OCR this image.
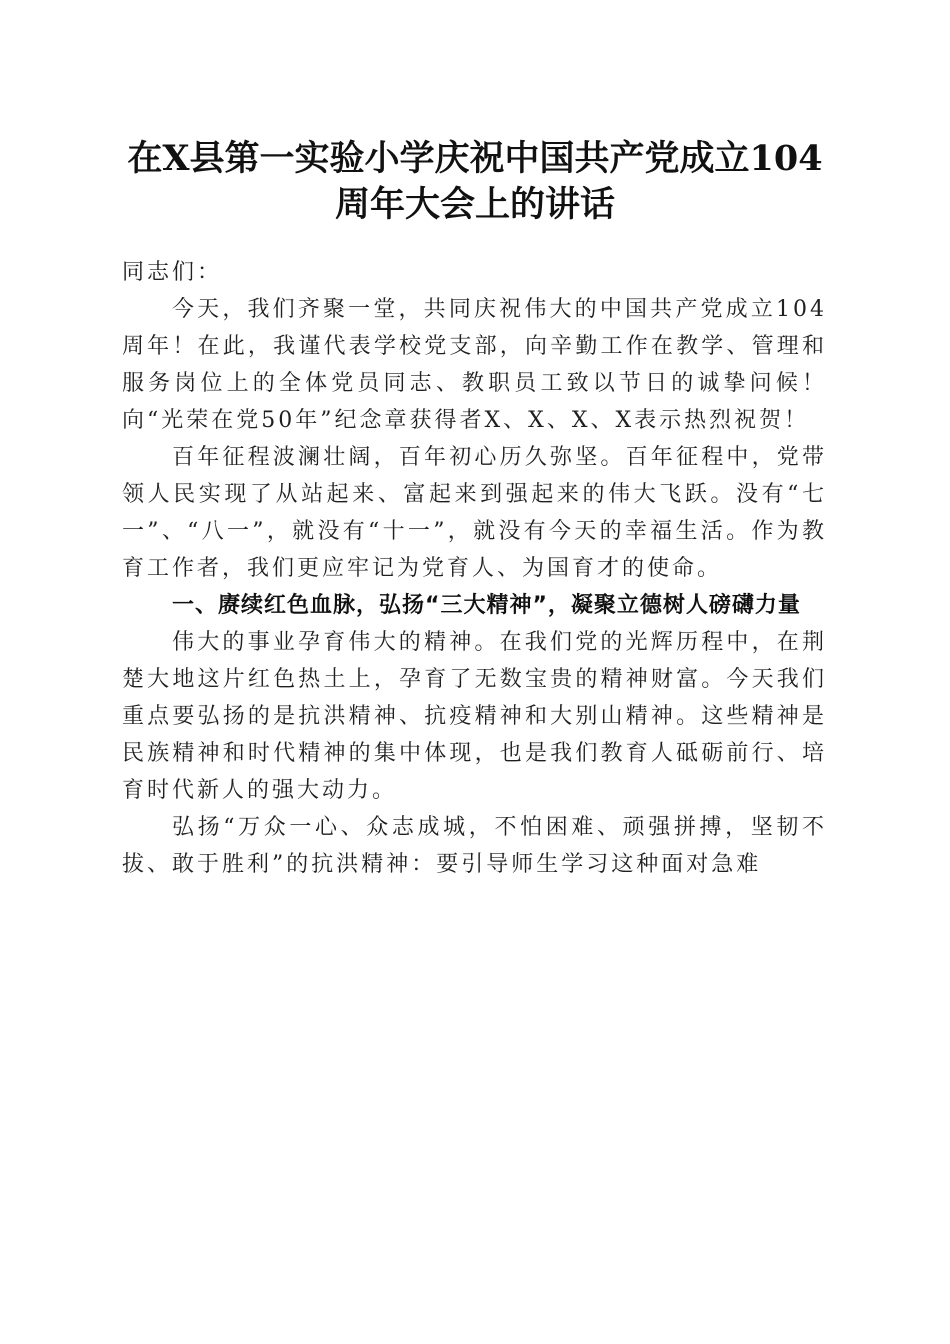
在X县第一实验小学庆祝中国共产党成立104周年大会上的讲话

同志们：

今天，我们齐聚一堂，共同庆祝伟大的中国共产党成立104周年！在此，我谨代表学校党支部，向辛勤工作在教学、管理和服务岗位上的全体党员同志、教职员工致以节日的诚挚问候！向“光荣在党50年”纪念章获得者X、X、X、X表示热烈祝贺！

百年征程波澜壮阔，百年初心历久弥坚。百年征程中，党带领人民实现了从站起来、富起来到强起来的伟大飞跃。没有“七一”、“八一”，就没有“十一”，就没有今天的幸福生活。作为教育工作者，我们更应牢记为党育人、为国育才的使命。

一、赓续红色血脉，弘扬“三大精神”，凝聚立德树人磅礴力量

伟大的事业孕育伟大的精神。在我们党的光辉历程中，在荆楚大地这片红色热土上，孕育了无数宝贵的精神财富。今天我们重点要弘扬的是抗洪精神、抗疫精神和大别山精神。这些精神是民族精神和时代精神的集中体现，也是我们教育人砥砺前行、培育时代新人的强大动力。

弘扬“万众一心、众志成城，不怕困难、顽强拼搏，坚韧不拔、敢于胜利”的抗洪精神：要引导师生学习这种面对急难
